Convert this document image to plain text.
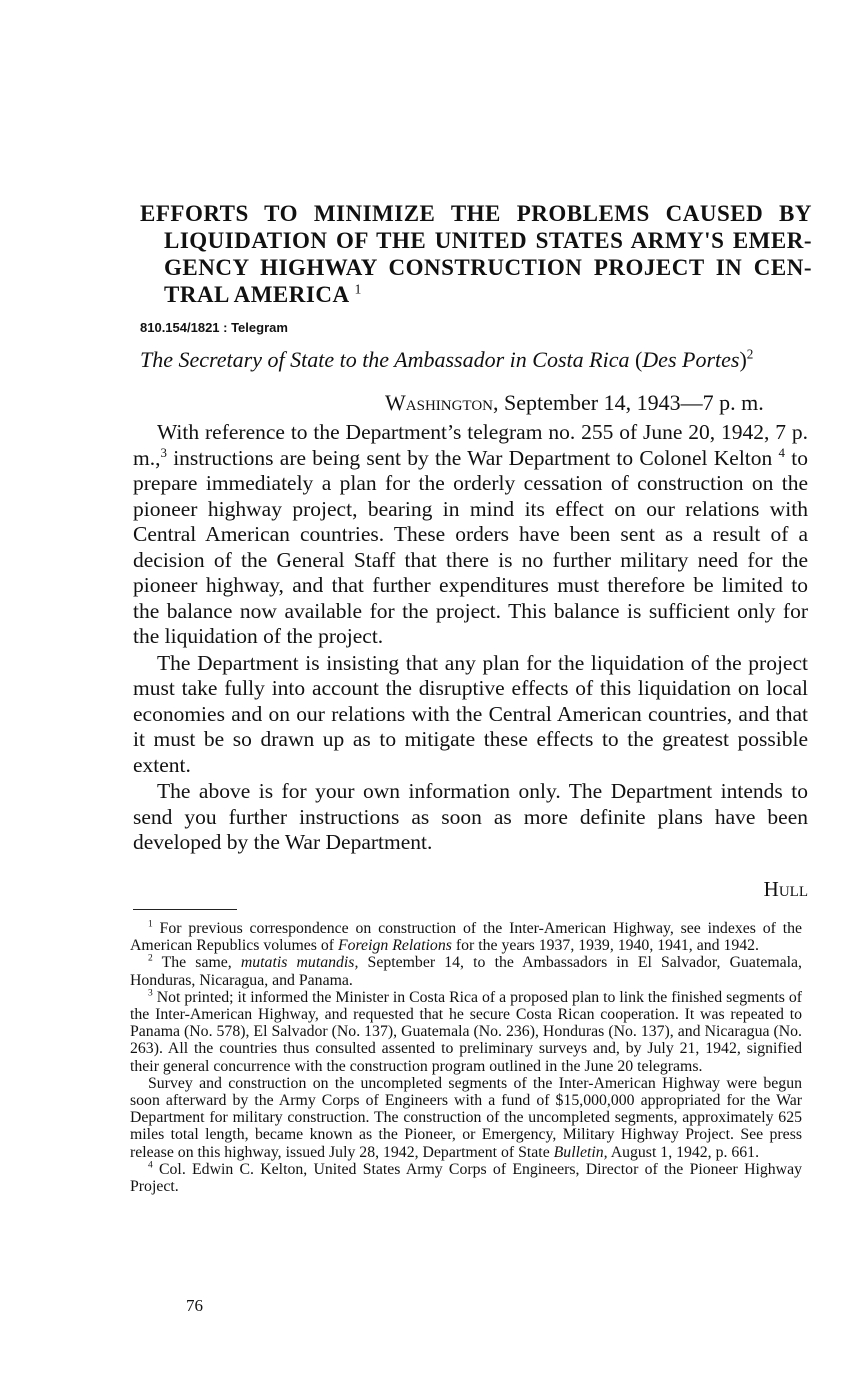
EFFORTS TO MINIMIZE THE PROBLEMS CAUSED BY
LIQUIDATION OF THE UNITED STATES ARMY'S EMER-
GENCY HIGHWAY CONSTRUCTION PROJECT IN CEN-
TRAL AMERICA $^1$
810.154/1821 : Telegram
The Secretary of State to the Ambassador in Costa Rica (Des Portes)$^2$
Washington, September 14, 1943—7 p. m.

With reference to the Department’s telegram no. 255 of June 20, 1942, 7 p. m.,$^3$ instructions are being sent by the War Department to Colonel Kelton $^4$ to prepare immediately a plan for the orderly cessation of construction on the pioneer highway project, bearing in mind its effect on our relations with Central American countries. These orders have been sent as a result of a decision of the General Staff that there is no further military need for the pioneer highway, and that further expenditures must therefore be limited to the balance now available for the project. This balance is sufficient only for the liquidation of the project.

The Department is insisting that any plan for the liquidation of the project must take fully into account the disruptive effects of this liquidation on local economies and on our relations with the Central American countries, and that it must be so drawn up as to mitigate these effects to the greatest possible extent.

The above is for your own information only. The Department intends to send you further instructions as soon as more definite plans have been developed by the War Department.

Hull

$^1$ For previous correspondence on construction of the Inter-American Highway, see indexes of the American Republics volumes of Foreign Relations for the years 1937, 1939, 1940, 1941, and 1942.

$^2$ The same, mutatis mutandis, September 14, to the Ambassadors in El Salvador, Guatemala, Honduras, Nicaragua, and Panama.

$^3$ Not printed; it informed the Minister in Costa Rica of a proposed plan to link the finished segments of the Inter-American Highway, and requested that he secure Costa Rican cooperation. It was repeated to Panama (No. 578), El Salvador (No. 137), Guatemala (No. 236), Honduras (No. 137), and Nicaragua (No. 263). All the countries thus consulted assented to preliminary surveys and, by July 21, 1942, signified their general concurrence with the construction program outlined in the June 20 telegrams.

Survey and construction on the uncompleted segments of the Inter-American Highway were begun soon afterward by the Army Corps of Engineers with a fund of $15,000,000 appropriated for the War Department for military construction. The construction of the uncompleted segments, approximately 625 miles total length, became known as the Pioneer, or Emergency, Military Highway Project. See press release on this highway, issued July 28, 1942, Department of State Bulletin, August 1, 1942, p. 661.

$^4$ Col. Edwin C. Kelton, United States Army Corps of Engineers, Director of the Pioneer Highway Project.

76
